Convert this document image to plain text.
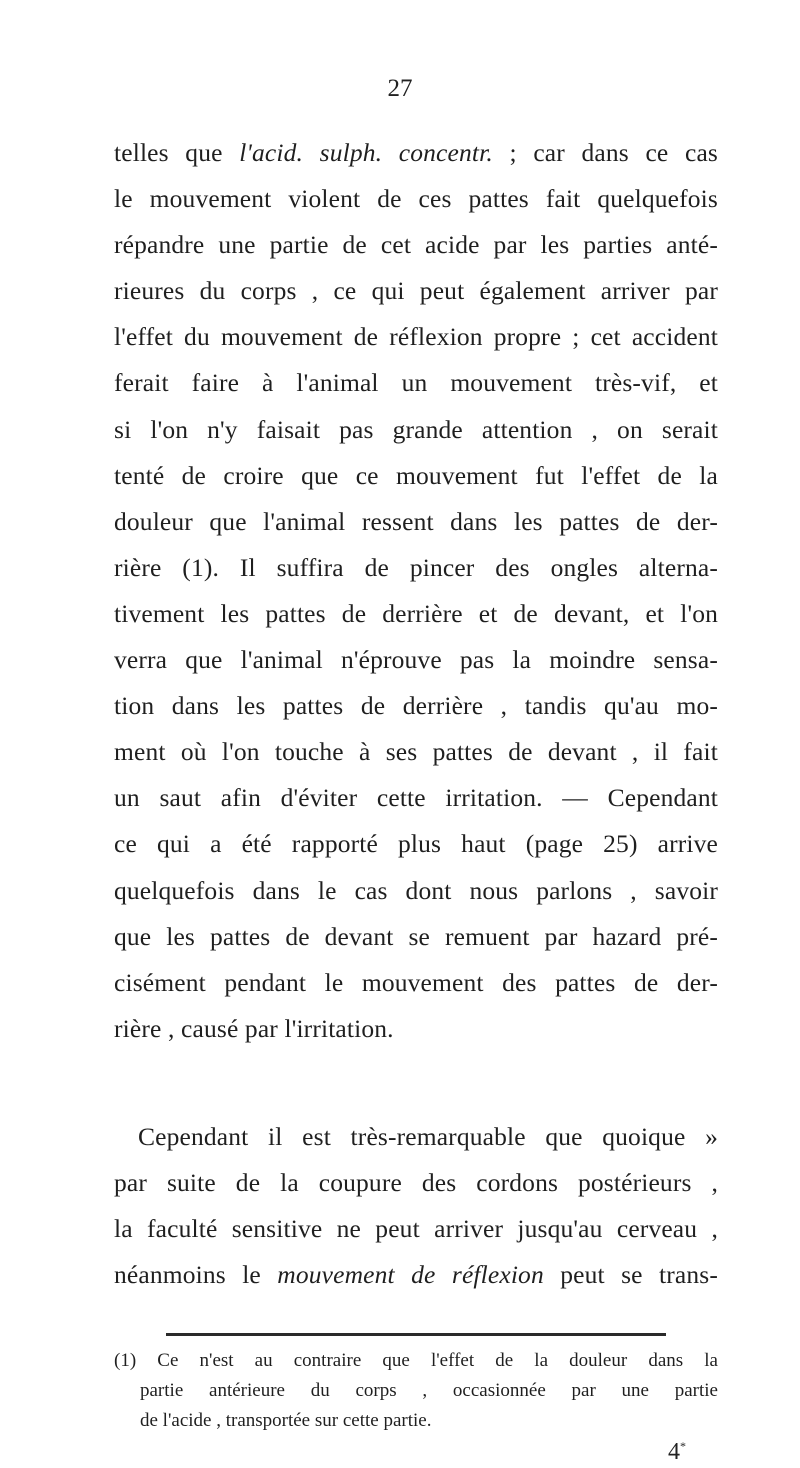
27
telles que l'acid. sulph. concentr. ; car dans ce cas
le mouvement violent de ces pattes fait quelquefois
répandre une partie de cet acide par les parties anté-
rieures du corps , ce qui peut également arriver par
l'effet du mouvement de réflexion propre ; cet accident
ferait faire à l'animal un mouvement très-vif, et
si l'on n'y faisait pas grande attention , on serait
tenté de croire que ce mouvement fut l'effet de la
douleur que l'animal ressent dans les pattes de der-
rière (1). Il suffira de pincer des ongles alterna-
tivement les pattes de derrière et de devant, et l'on
verra que l'animal n'éprouve pas la moindre sensa-
tion dans les pattes de derrière , tandis qu'au mo-
ment où l'on touche à ses pattes de devant , il fait
un saut afin d'éviter cette irritation. — Cependant
ce qui a été rapporté plus haut (page 25) arrive
quelquefois dans le cas dont nous parlons , savoir
que les pattes de devant se remuent par hazard pré-
cisément pendant le mouvement des pattes de der-
rière , causé par l'irritation.
Cependant il est très-remarquable que quoique »
par suite de la coupure des cordons postérieurs ,
la faculté sensitive ne peut arriver jusqu'au cerveau ,
néanmoins le mouvement de réflexion peut se trans-
(1) Ce n'est au contraire que l'effet de la douleur dans la
partie antérieure du corps , occasionnée par une partie
de l'acide , transportée sur cette partie.
4*
